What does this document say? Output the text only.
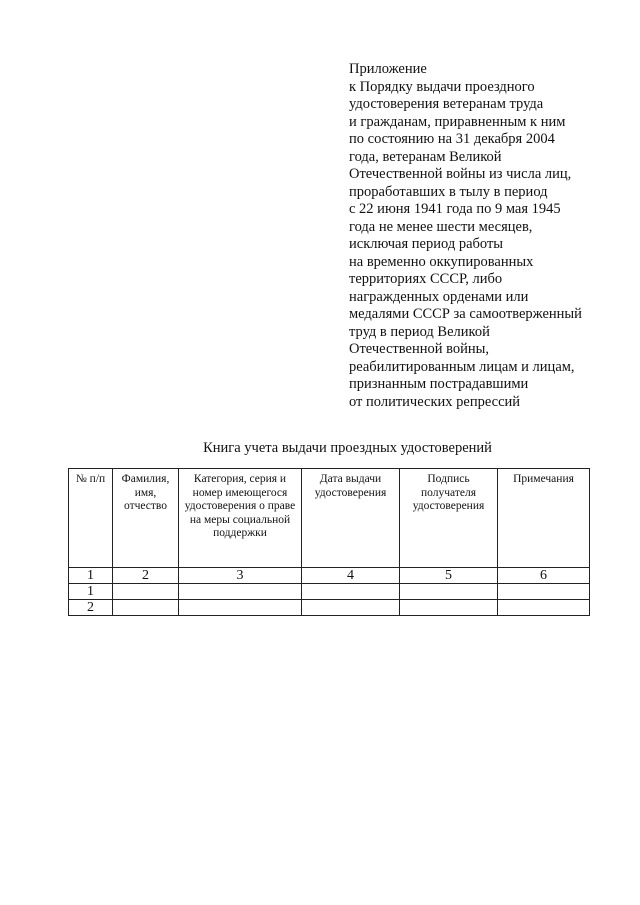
Приложение
к Порядку выдачи проездного
удостоверения ветеранам труда
и гражданам, приравненным к ним
по состоянию на 31 декабря 2004
года, ветеранам Великой
Отечественной войны из числа лиц,
проработавших в тылу в период
с 22 июня 1941 года по 9 мая 1945
года не менее шести месяцев,
исключая период работы
на временно оккупированных
территориях СССР, либо
награжденных орденами или
медалями СССР за самоотверженный
труд в период Великой
Отечественной войны,
реабилитированным лицам и лицам,
признанным пострадавшими
от политических репрессий
Книга учета выдачи проездных удостоверений
№ п/п	Фамилия, имя, отчество	Категория, серия и номер имеющегося удостоверения о праве на меры социальной поддержки	Дата выдачи удостоверения	Подпись получателя удостоверения	Примечания
1	2	3	4	5	6
1					
2					
